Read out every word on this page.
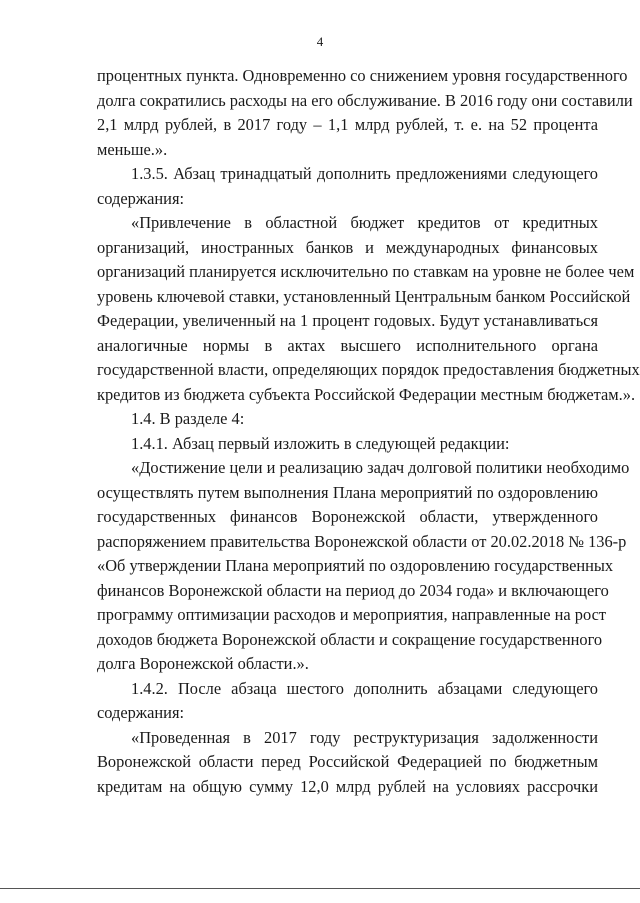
4
процентных пункта. Одновременно со снижением уровня государственного
долга сократились расходы на его обслуживание. В 2016 году они составили
2,1 млрд рублей, в 2017 году – 1,1 млрд рублей, т. е. на 52 процента
меньше.».
1.3.5. Абзац тринадцатый дополнить предложениями следующего
содержания:
«Привлечение в областной бюджет кредитов от кредитных
организаций, иностранных банков и международных финансовых
организаций планируется исключительно по ставкам на уровне не более чем
уровень ключевой ставки, установленный Центральным банком Российской
Федерации, увеличенный на 1 процент годовых. Будут устанавливаться
аналогичные нормы в актах высшего исполнительного органа
государственной власти, определяющих порядок предоставления бюджетных
кредитов из бюджета субъекта Российской Федерации местным бюджетам.».
1.4. В разделе 4:
1.4.1. Абзац первый изложить в следующей редакции:
«Достижение цели и реализацию задач долговой политики необходимо
осуществлять путем выполнения Плана мероприятий по оздоровлению
государственных финансов Воронежской области, утвержденного
распоряжением правительства Воронежской области от 20.02.2018 № 136-р
«Об утверждении Плана мероприятий по оздоровлению государственных
финансов Воронежской области на период до 2034 года» и включающего
программу оптимизации расходов и мероприятия, направленные на рост
доходов бюджета Воронежской области и сокращение государственного
долга Воронежской области.».
1.4.2. После абзаца шестого дополнить абзацами следующего
содержания:
«Проведенная в 2017 году реструктуризация задолженности
Воронежской области перед Российской Федерацией по бюджетным
кредитам на общую сумму 12,0 млрд рублей на условиях рассрочки
